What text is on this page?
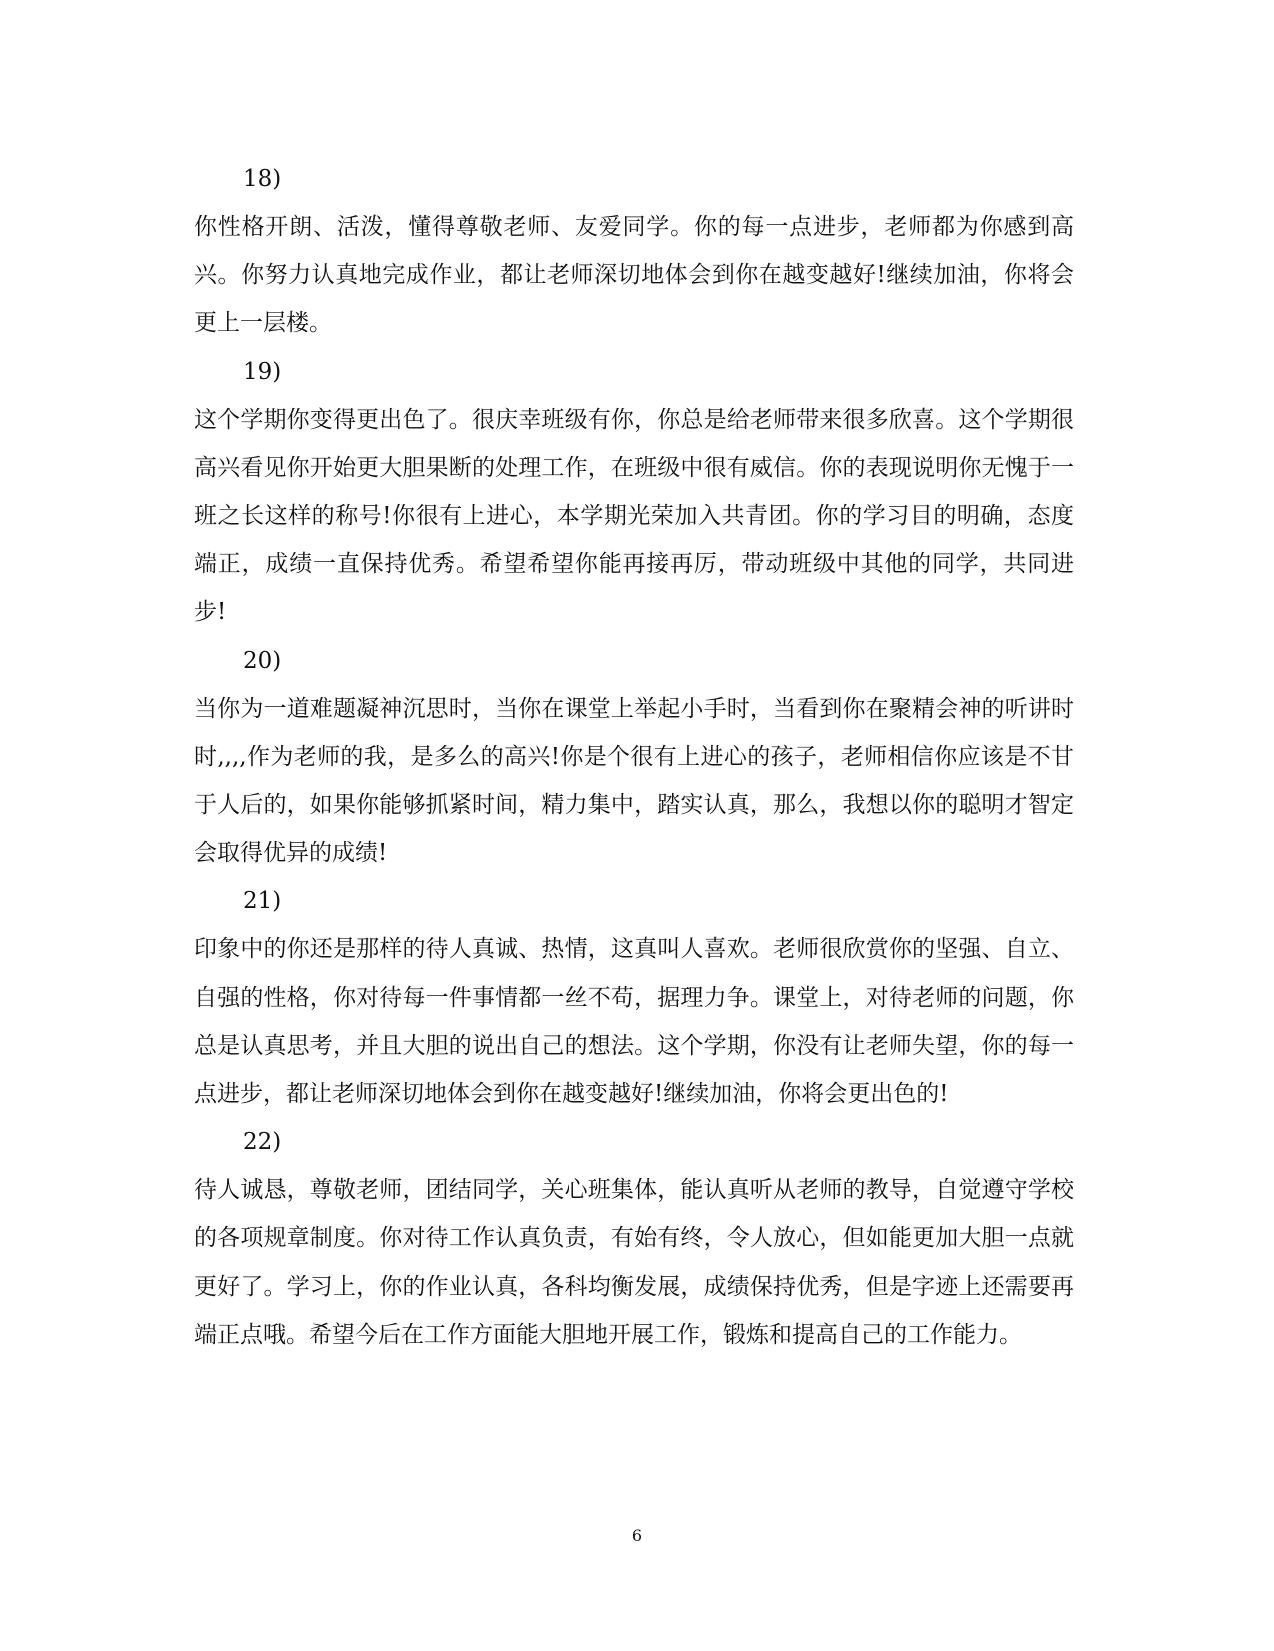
18)
你性格开朗、活泼，懂得尊敬老师、友爱同学。你的每一点进步，老师都为你感到高兴。你努力认真地完成作业，都让老师深切地体会到你在越变越好!继续加油，你将会更上一层楼。
19)
这个学期你变得更出色了。很庆幸班级有你，你总是给老师带来很多欣喜。这个学期很高兴看见你开始更大胆果断的处理工作，在班级中很有威信。你的表现说明你无愧于一班之长这样的称号!你很有上进心，本学期光荣加入共青团。你的学习目的明确，态度端正，成绩一直保持优秀。希望希望你能再接再厉，带动班级中其他的同学，共同进步!
20)
当你为一道难题凝神沉思时，当你在课堂上举起小手时，当看到你在聚精会神的听讲时时,,,,作为老师的我，是多么的高兴!你是个很有上进心的孩子，老师相信你应该是不甘于人后的，如果你能够抓紧时间，精力集中，踏实认真，那么，我想以你的聪明才智定会取得优异的成绩!
21)
印象中的你还是那样的待人真诚、热情，这真叫人喜欢。老师很欣赏你的坚强、自立、自强的性格，你对待每一件事情都一丝不苟，据理力争。课堂上，对待老师的问题，你总是认真思考，并且大胆的说出自己的想法。这个学期，你没有让老师失望，你的每一点进步，都让老师深切地体会到你在越变越好!继续加油，你将会更出色的!
22)
待人诚恳，尊敬老师，团结同学，关心班集体，能认真听从老师的教导，自觉遵守学校的各项规章制度。你对待工作认真负责，有始有终，令人放心，但如能更加大胆一点就更好了。学习上，你的作业认真，各科均衡发展，成绩保持优秀，但是字迹上还需要再端正点哦。希望今后在工作方面能大胆地开展工作，锻炼和提高自己的工作能力。
6
